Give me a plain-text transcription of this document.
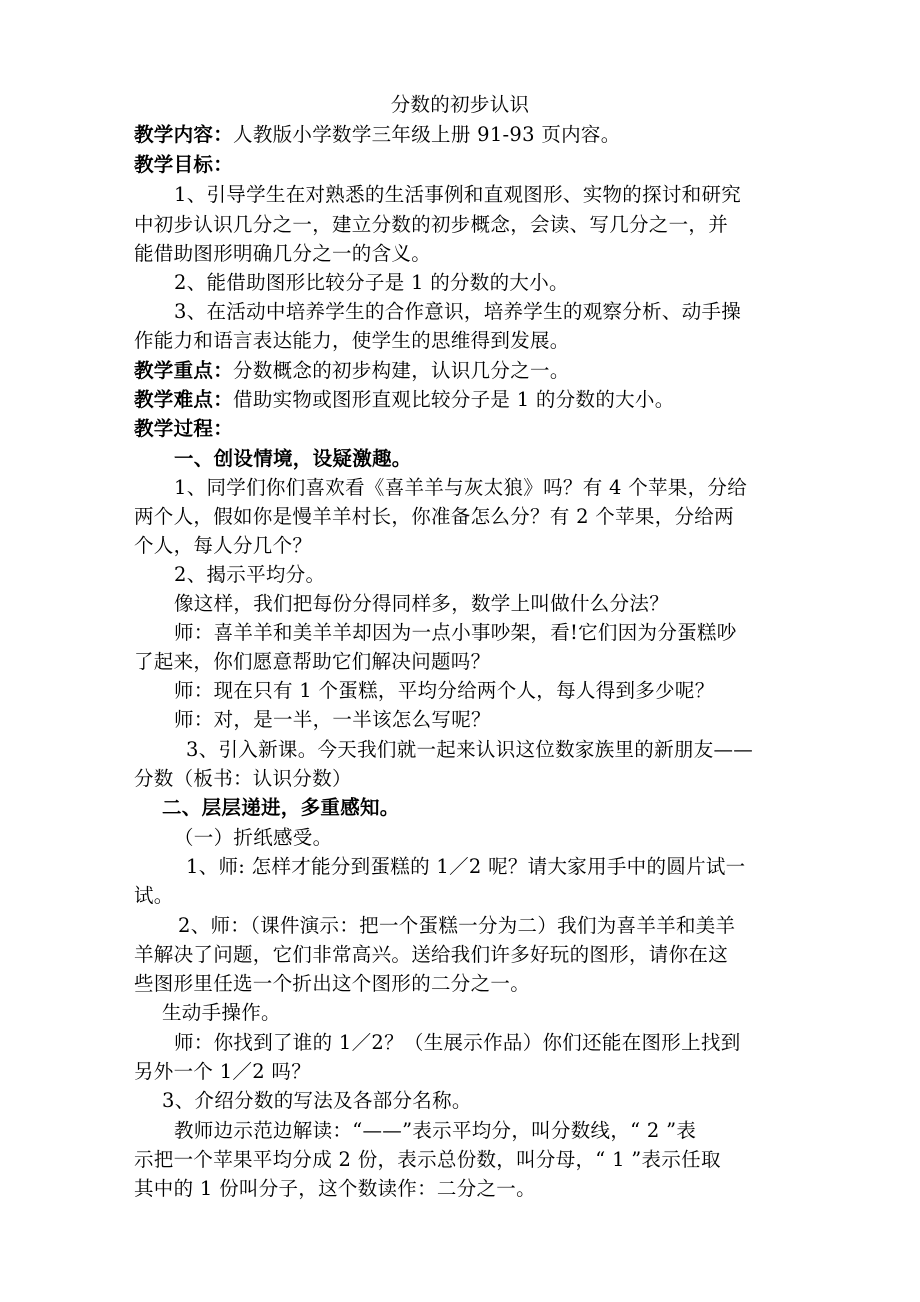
分数的初步认识
教学内容：人教版小学数学三年级上册 91-93 页内容。
教学目标：
1、引导学生在对熟悉的生活事例和直观图形、实物的探讨和研究
中初步认识几分之一，建立分数的初步概念，会读、写几分之一，并
能借助图形明确几分之一的含义。
2、能借助图形比较分子是 1 的分数的大小。
3、在活动中培养学生的合作意识，培养学生的观察分析、动手操
作能力和语言表达能力，使学生的思维得到发展。
教学重点：分数概念的初步构建，认识几分之一。
教学难点：借助实物或图形直观比较分子是 1 的分数的大小。
教学过程：
一、创设情境，设疑激趣。
1、同学们你们喜欢看《喜羊羊与灰太狼》吗？有 4 个苹果，分给
两个人，假如你是慢羊羊村长，你准备怎么分？有 2 个苹果，分给两
个人，每人分几个？
2、揭示平均分。
像这样，我们把每份分得同样多，数学上叫做什么分法？
师：喜羊羊和美羊羊却因为一点小事吵架，看!它们因为分蛋糕吵
了起来，你们愿意帮助它们解决问题吗？
师：现在只有 1 个蛋糕，平均分给两个人，每人得到多少呢？
师：对，是一半，一半该怎么写呢？
3、引入新课。今天我们就一起来认识这位数家族里的新朋友——
分数（板书：认识分数）
二、层层递进，多重感知。
（一）折纸感受。
1、师: 怎样才能分到蛋糕的 1／2 呢？请大家用手中的圆片试一
试。
2、师：（课件演示：把一个蛋糕一分为二）我们为喜羊羊和美羊
羊解决了问题，它们非常高兴。送给我们许多好玩的图形，请你在这
些图形里任选一个折出这个图形的二分之一。
生动手操作。
师：你找到了谁的 1／2？（生展示作品）你们还能在图形上找到
另外一个 1／2 吗？
3、介绍分数的写法及各部分名称。
教师边示范边解读：“——”表示平均分，叫分数线，“ 2 ”表
示把一个苹果平均分成 2 份，表示总份数，叫分母，“ 1 ”表示任取
其中的 1 份叫分子，这个数读作：二分之一。
